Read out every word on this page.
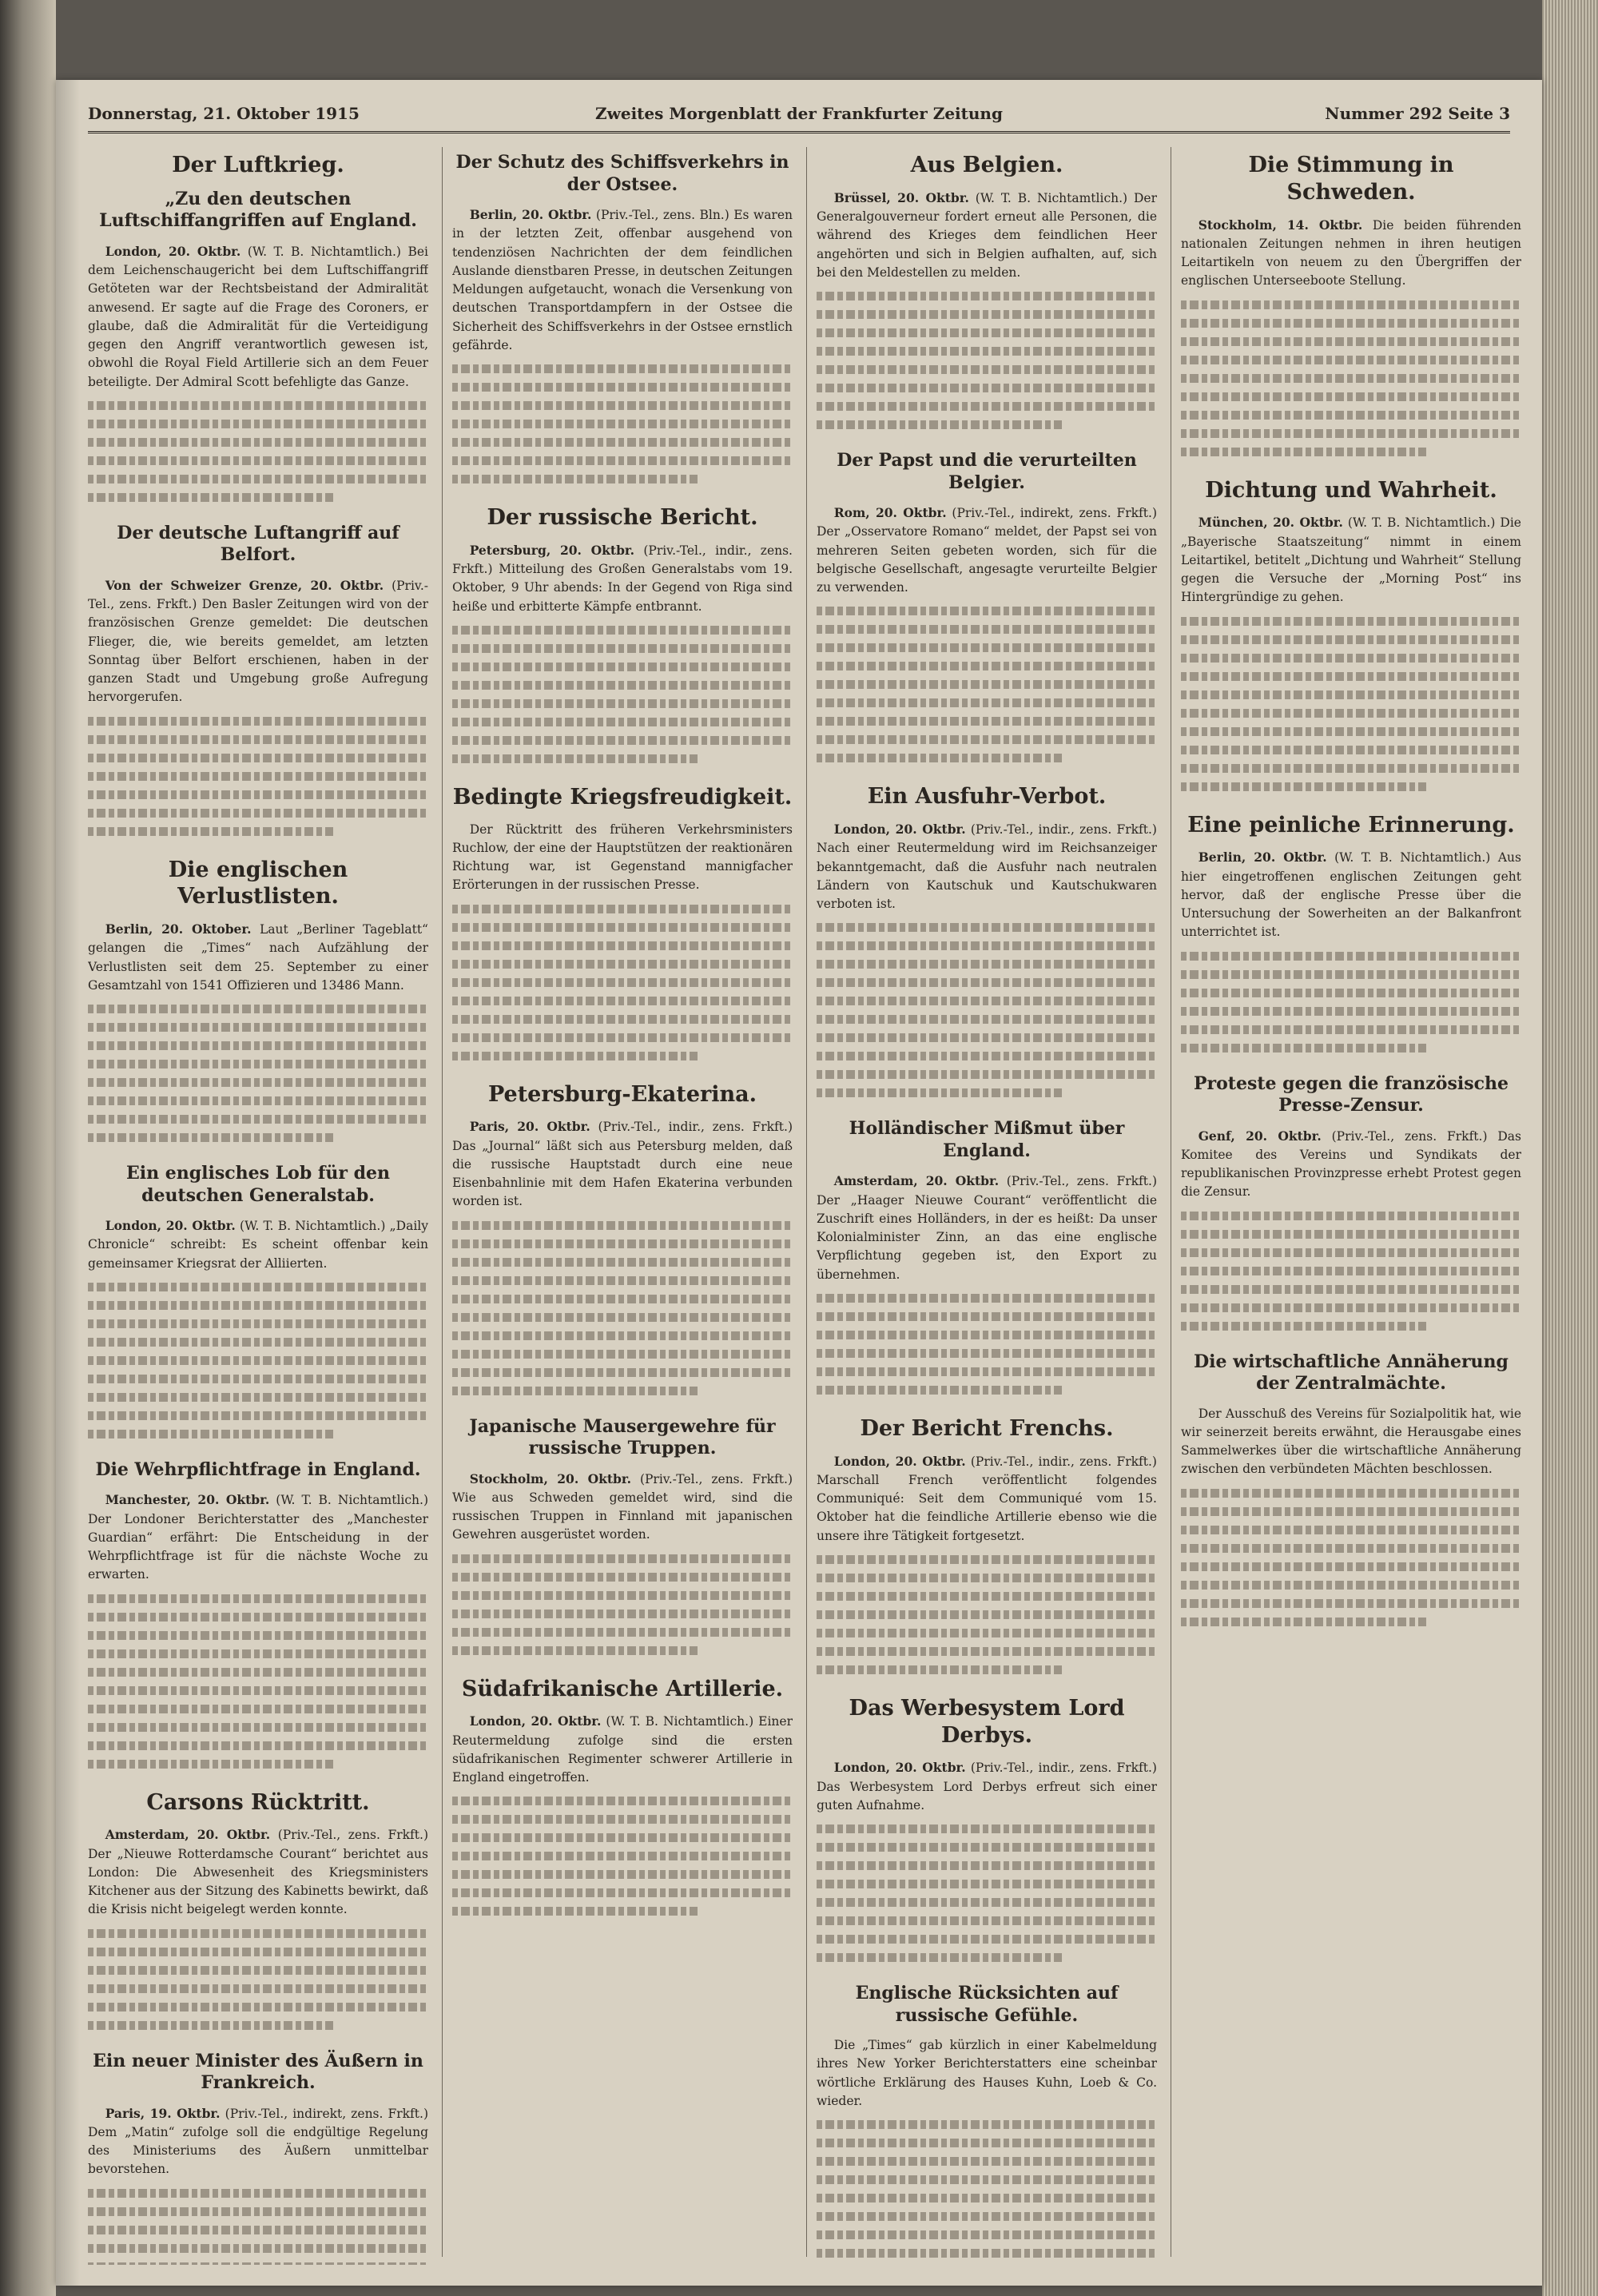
Donnerstag, 21. Oktober 1915	Zweites Morgenblatt der Frankfurter Zeitung	Nummer 292 Seite 3
Der Luftkrieg.
„Zu den deutschen Luftschiffangriffen auf England.

London, 20. Oktbr. (W. T. B. Nichtamtlich.) Bei dem Leichenschaugericht bei dem Luftschiffangriff Getöteten war der Rechtsbeistand der Admiralität anwesend. Er sagte auf die Frage des Coroners, er glaube, daß die Admiralität für die Verteidigung gegen den Angriff verantwortlich gewesen ist, obwohl die Royal Field Artillerie sich an dem Feuer beteiligte. Der Admiral Scott befehligte das Ganze.

Der deutsche Luftangriff auf Belfort.

Von der Schweizer Grenze, 20. Oktbr. (Priv.-Tel., zens. Frkft.) Den Basler Zeitungen wird von der französischen Grenze gemeldet: Die deutschen Flieger, die, wie bereits gemeldet, am letzten Sonntag über Belfort erschienen, haben in der ganzen Stadt und Umgebung große Aufregung hervorgerufen.

Die englischen Verlustlisten.

Berlin, 20. Oktober. Laut „Berliner Tageblatt“ gelangen die „Times“ nach Aufzählung der Verlustlisten seit dem 25. September zu einer Gesamtzahl von 1541 Offizieren und 13486 Mann.

Ein englisches Lob für den deutschen Generalstab.

London, 20. Oktbr. (W. T. B. Nichtamtlich.) „Daily Chronicle“ schreibt: Es scheint offenbar kein gemeinsamer Kriegsrat der Alliierten.

Die Wehrpflichtfrage in England.

Manchester, 20. Oktbr. (W. T. B. Nichtamtlich.) Der Londoner Berichterstatter des „Manchester Guardian“ erfährt: Die Entscheidung in der Wehrpflichtfrage ist für die nächste Woche zu erwarten.

Carsons Rücktritt.

Amsterdam, 20. Oktbr. (Priv.-Tel., zens. Frkft.) Der „Nieuwe Rotterdamsche Courant“ berichtet aus London: Die Abwesenheit des Kriegsministers Kitchener aus der Sitzung des Kabinetts bewirkt, daß die Krisis nicht beigelegt werden konnte.

Ein neuer Minister des Äußern in Frankreich.

Paris, 19. Oktbr. (Priv.-Tel., indirekt, zens. Frkft.) Dem „Matin“ zufolge soll die endgültige Regelung des Ministeriums des Äußern unmittelbar bevorstehen.

Der Schutz des Schiffsverkehrs in der Ostsee.

Berlin, 20. Oktbr. (Priv.-Tel., zens. Bln.) Es waren in der letzten Zeit, offenbar ausgehend von tendenziösen Nachrichten der dem feindlichen Auslande dienstbaren Presse, in deutschen Zeitungen Meldungen aufgetaucht, wonach die Versenkung von deutschen Transportdampfern in der Ostsee die Sicherheit des Schiffsverkehrs in der Ostsee ernstlich gefährde.

Der russische Bericht.

Petersburg, 20. Oktbr. (Priv.-Tel., indir., zens. Frkft.) Mitteilung des Großen Generalstabs vom 19. Oktober, 9 Uhr abends: In der Gegend von Riga sind heiße und erbitterte Kämpfe entbrannt.

Bedingte Kriegsfreudigkeit.

Der Rücktritt des früheren Verkehrsministers Ruchlow, der eine der Hauptstützen der reaktionären Richtung war, ist Gegenstand mannigfacher Erörterungen in der russischen Presse.

Petersburg-Ekaterina.

Paris, 20. Oktbr. (Priv.-Tel., indir., zens. Frkft.) Das „Journal“ läßt sich aus Petersburg melden, daß die russische Hauptstadt durch eine neue Eisenbahnlinie mit dem Hafen Ekaterina verbunden worden ist.

Japanische Mausergewehre für russische Truppen.

Stockholm, 20. Oktbr. (Priv.-Tel., zens. Frkft.) Wie aus Schweden gemeldet wird, sind die russischen Truppen in Finnland mit japanischen Gewehren ausgerüstet worden.

Südafrikanische Artillerie.

London, 20. Oktbr. (W. T. B. Nichtamtlich.) Einer Reutermeldung zufolge sind die ersten südafrikanischen Regimenter schwerer Artillerie in England eingetroffen.

Aus Belgien.

Brüssel, 20. Oktbr. (W. T. B. Nichtamtlich.) Der Generalgouverneur fordert erneut alle Personen, die während des Krieges dem feindlichen Heer angehörten und sich in Belgien aufhalten, auf, sich bei den Meldestellen zu melden.

Der Papst und die verurteilten Belgier.

Rom, 20. Oktbr. (Priv.-Tel., indirekt, zens. Frkft.) Der „Osservatore Romano“ meldet, der Papst sei von mehreren Seiten gebeten worden, sich für die belgische Gesellschaft, angesagte verurteilte Belgier zu verwenden.

Ein Ausfuhr-Verbot.

London, 20. Oktbr. (Priv.-Tel., indir., zens. Frkft.) Nach einer Reutermeldung wird im Reichsanzeiger bekanntgemacht, daß die Ausfuhr nach neutralen Ländern von Kautschuk und Kautschukwaren verboten ist.

Holländischer Mißmut über England.

Amsterdam, 20. Oktbr. (Priv.-Tel., zens. Frkft.) Der „Haager Nieuwe Courant“ veröffentlicht die Zuschrift eines Holländers, in der es heißt: Da unser Kolonialminister Zinn, an das eine englische Verpflichtung gegeben ist, den Export zu übernehmen.

Der Bericht Frenchs.

London, 20. Oktbr. (Priv.-Tel., indir., zens. Frkft.) Marschall French veröffentlicht folgendes Communiqué: Seit dem Communiqué vom 15. Oktober hat die feindliche Artillerie ebenso wie die unsere ihre Tätigkeit fortgesetzt.

Das Werbesystem Lord Derbys.

London, 20. Oktbr. (Priv.-Tel., indir., zens. Frkft.) Das Werbesystem Lord Derbys erfreut sich einer guten Aufnahme.

Englische Rücksichten auf russische Gefühle.

Die „Times“ gab kürzlich in einer Kabelmeldung ihres New Yorker Berichterstatters eine scheinbar wörtliche Erklärung des Hauses Kuhn, Loeb & Co. wieder.

Die Stimmung in Schweden.

Stockholm, 14. Oktbr. Die beiden führenden nationalen Zeitungen nehmen in ihren heutigen Leitartikeln von neuem zu den Übergriffen der englischen Unterseeboote Stellung.

Dichtung und Wahrheit.

München, 20. Oktbr. (W. T. B. Nichtamtlich.) Die „Bayerische Staatszeitung“ nimmt in einem Leitartikel, betitelt „Dichtung und Wahrheit“ Stellung gegen die Versuche der „Morning Post“ ins Hintergründige zu gehen.

Eine peinliche Erinnerung.

Berlin, 20. Oktbr. (W. T. B. Nichtamtlich.) Aus hier eingetroffenen englischen Zeitungen geht hervor, daß der englische Presse über die Untersuchung der Sowerheiten an der Balkanfront unterrichtet ist.

Proteste gegen die französische Presse-Zensur.

Genf, 20. Oktbr. (Priv.-Tel., zens. Frkft.) Das Komitee des Vereins und Syndikats der republikanischen Provinzpresse erhebt Protest gegen die Zensur.

Die wirtschaftliche Annäherung der Zentralmächte.

Der Ausschuß des Vereins für Sozialpolitik hat, wie wir seinerzeit bereits erwähnt, die Herausgabe eines Sammelwerkes über die wirtschaftliche Annäherung zwischen den verbündeten Mächten beschlossen.
